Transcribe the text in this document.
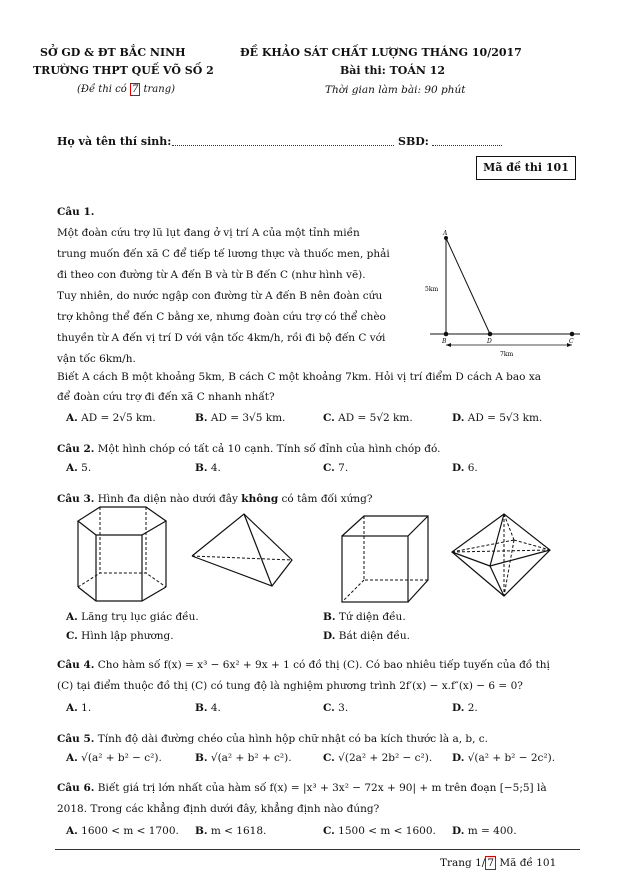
SỞ GD & ĐT BẮC NINH
TRƯỜNG THPT QUẾ VÕ SỐ 2
(Đề thi có 7 trang)
ĐỀ KHẢO SÁT CHẤT LƯỢNG THÁNG 10/2017
Bài thi: TOÁN 12
Thời gian làm bài: 90 phút
Họ và tên thí sinh:	SBD:
Mã đề thi 101
Câu 1.
Một đoàn cứu trợ lũ lụt đang ở vị trí A của một tỉnh miền
trung muốn đến xã C để tiếp tế lương thực và thuốc men, phải
đi theo con đường từ A đến B và từ B đến C (như hình vẽ).
Tuy nhiên, do nước ngập con đường từ A đến B nên đoàn cứu
trợ không thể đến C bằng xe, nhưng đoàn cứu trợ có thể chèo
thuyền từ A đến vị trí D với vận tốc 4km/h, rồi đi bộ đến C với
vận tốc 6km/h.
A
B	D	C
5km
7km
Biết A cách B một khoảng 5km, B cách C một khoảng 7km. Hỏi vị trí điểm D cách A bao xa
để đoàn cứu trợ đi đến xã C nhanh nhất?
A. AD = 2√5 km.	B. AD = 3√5 km.	C. AD = 5√2 km.	D. AD = 5√3 km.
Câu 2. Một hình chóp có tất cả 10 cạnh. Tính số đỉnh của hình chóp đó.
A. 5.	B. 4.	C. 7.	D. 6.
Câu 3. Hình đa diện nào dưới đây không có tâm đối xứng?
A. Lăng trụ lục giác đều.	B. Tứ diện đều.
C. Hình lập phương.	D. Bát diện đều.
Câu 4. Cho hàm số f(x) = x³ − 6x² + 9x + 1 có đồ thị (C). Có bao nhiêu tiếp tuyến của đồ thị
(C) tại điểm thuộc đồ thị (C) có tung độ là nghiệm phương trình 2f′(x) − x.f″(x) − 6 = 0?
A. 1.	B. 4.	C. 3.	D. 2.
Câu 5. Tính độ dài đường chéo của hình hộp chữ nhật có ba kích thước là a, b, c.
A. √(a² + b² − c²).	B. √(a² + b² + c²).	C. √(2a² + 2b² − c²). D. √(a² + b² − 2c²).
Câu 6. Biết giá trị lớn nhất của hàm số f(x) = |x³ + 3x² − 72x + 90| + m trên đoạn [−5;5] là
2018. Trong các khẳng định dưới đây, khẳng định nào đúng?
A. 1600 < m < 1700. B. m < 1618.	C. 1500 < m < 1600. D. m = 400.
Trang 1/ 7 Mã đề 101
